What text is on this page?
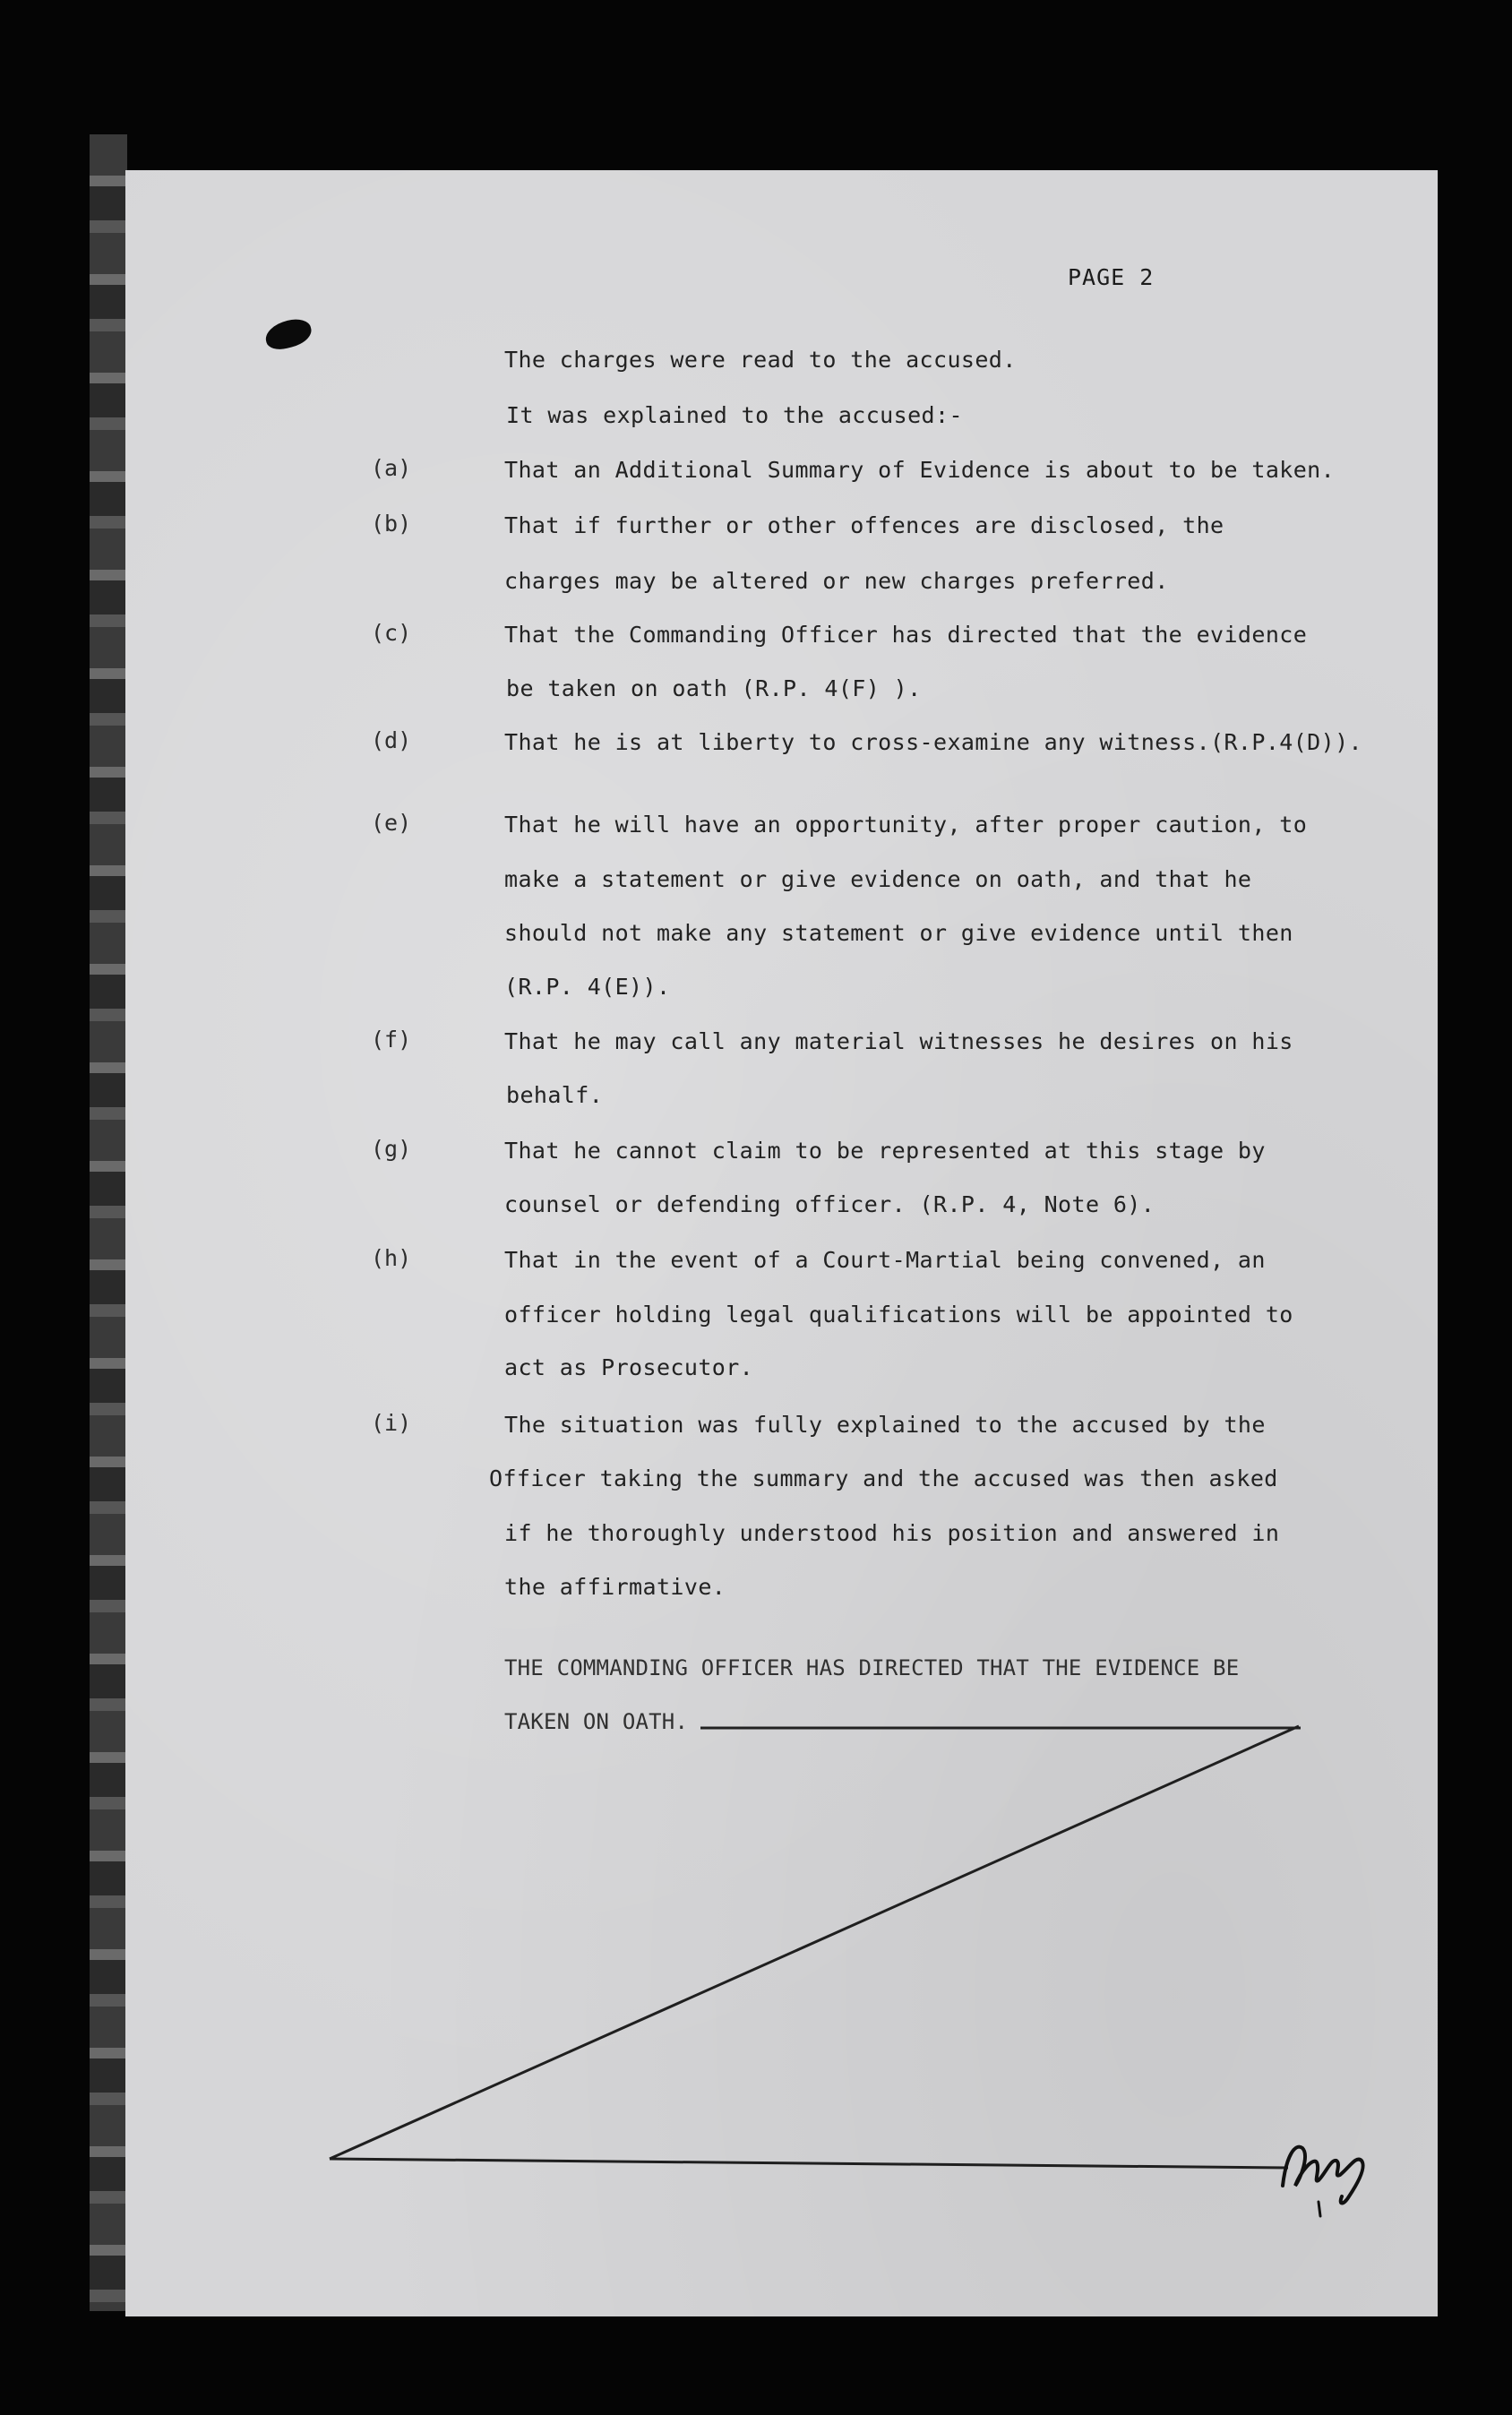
PAGE 2
The charges were read to the accused.
It was explained to the accused:-
(a)	That an Additional Summary of Evidence is about to be taken.
(b)	That if further or other offences are disclosed, the
charges may be altered or new charges preferred.
(c)	That the Commanding Officer has directed that the evidence
be taken on oath (R.P. 4(F) ).
(d)	That he is at liberty to cross-examine any witness.(R.P.4(D)).
(e)	That he will have an opportunity, after proper caution, to
make a statement or give evidence on oath, and that he
should not make any statement or give evidence until then
(R.P. 4(E)).
(f)	That he may call any material witnesses he desires on his
behalf.
(g)	That he cannot claim to be represented at this stage by
counsel or defending officer. (R.P. 4, Note 6).
(h)	That in the event of a Court-Martial being convened, an
officer holding legal qualifications will be appointed to
act as Prosecutor.
(i)	The situation was fully explained to the accused by the
Officer taking the summary and the accused was then asked
if he thoroughly understood his position and answered in
the affirmative.
THE COMMANDING OFFICER HAS DIRECTED THAT THE EVIDENCE BE
TAKEN ON OATH.
